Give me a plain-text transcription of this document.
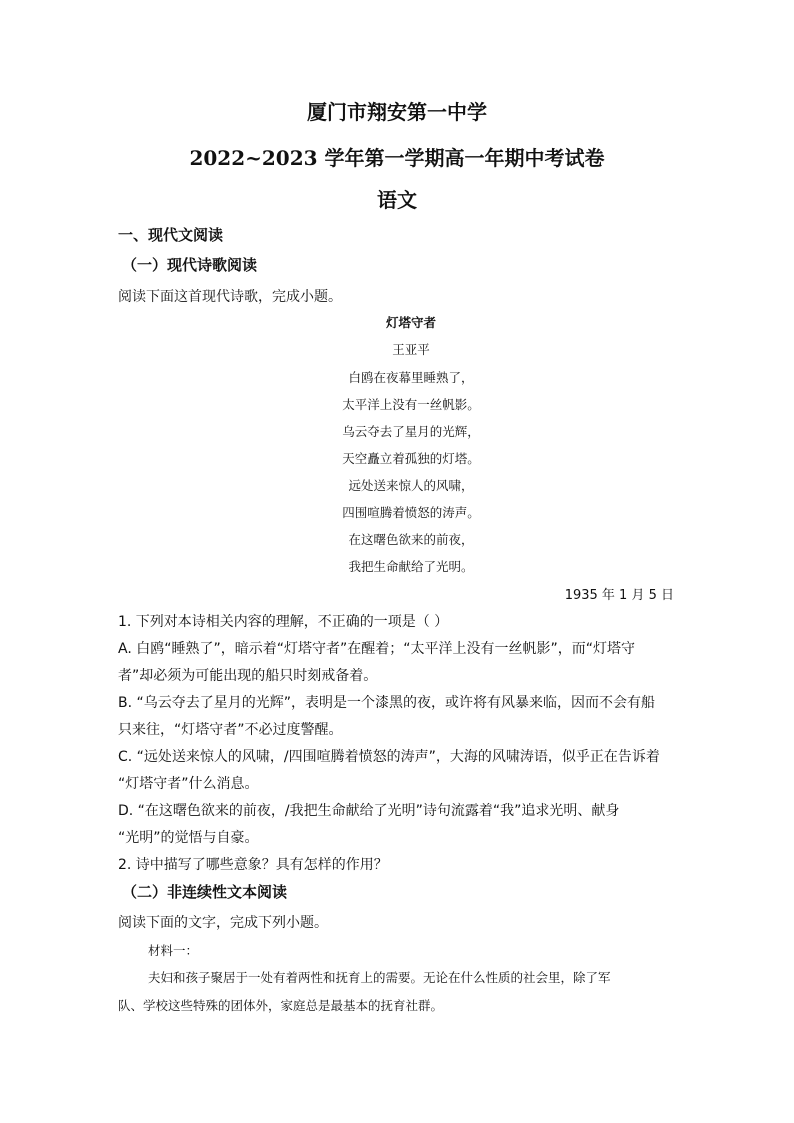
厦门市翔安第一中学
2022~2023 学年第一学期高一年期中考试卷
语文
一、现代文阅读
（一）现代诗歌阅读
阅读下面这首现代诗歌，完成小题。
灯塔守者
王亚平
白鸥在夜幕里睡熟了，
太平洋上没有一丝帆影。
乌云夺去了星月的光辉，
天空矗立着孤独的灯塔。
远处送来惊人的风啸，
四围喧腾着愤怒的涛声。
在这曙色欲来的前夜，
我把生命献给了光明。
1935 年 1 月 5 日
1. 下列对本诗相关内容的理解，不正确的一项是（ ）
A. 白鸥“睡熟了”，暗示着“灯塔守者”在醒着；“太平洋上没有一丝帆影”，而“灯塔守
者”却必须为可能出现的船只时刻戒备着。
B. “乌云夺去了星月的光辉”，表明是一个漆黑的夜，或许将有风暴来临，因而不会有船
只来往，“灯塔守者”不必过度警醒。
C. “远处送来惊人的风啸，/四围喧腾着愤怒的涛声”，大海的风啸涛语，似乎正在告诉着
“灯塔守者”什么消息。
D. “在这曙色欲来的前夜，/我把生命献给了光明”诗句流露着“我”追求光明、献身
“光明”的觉悟与自豪。
2. 诗中描写了哪些意象？具有怎样的作用？
（二）非连续性文本阅读
阅读下面的文字，完成下列小题。
材料一：
夫妇和孩子聚居于一处有着两性和抚育上的需要。无论在什么性质的社会里，除了军
队、学校这些特殊的团体外，家庭总是最基本的抚育社群。
